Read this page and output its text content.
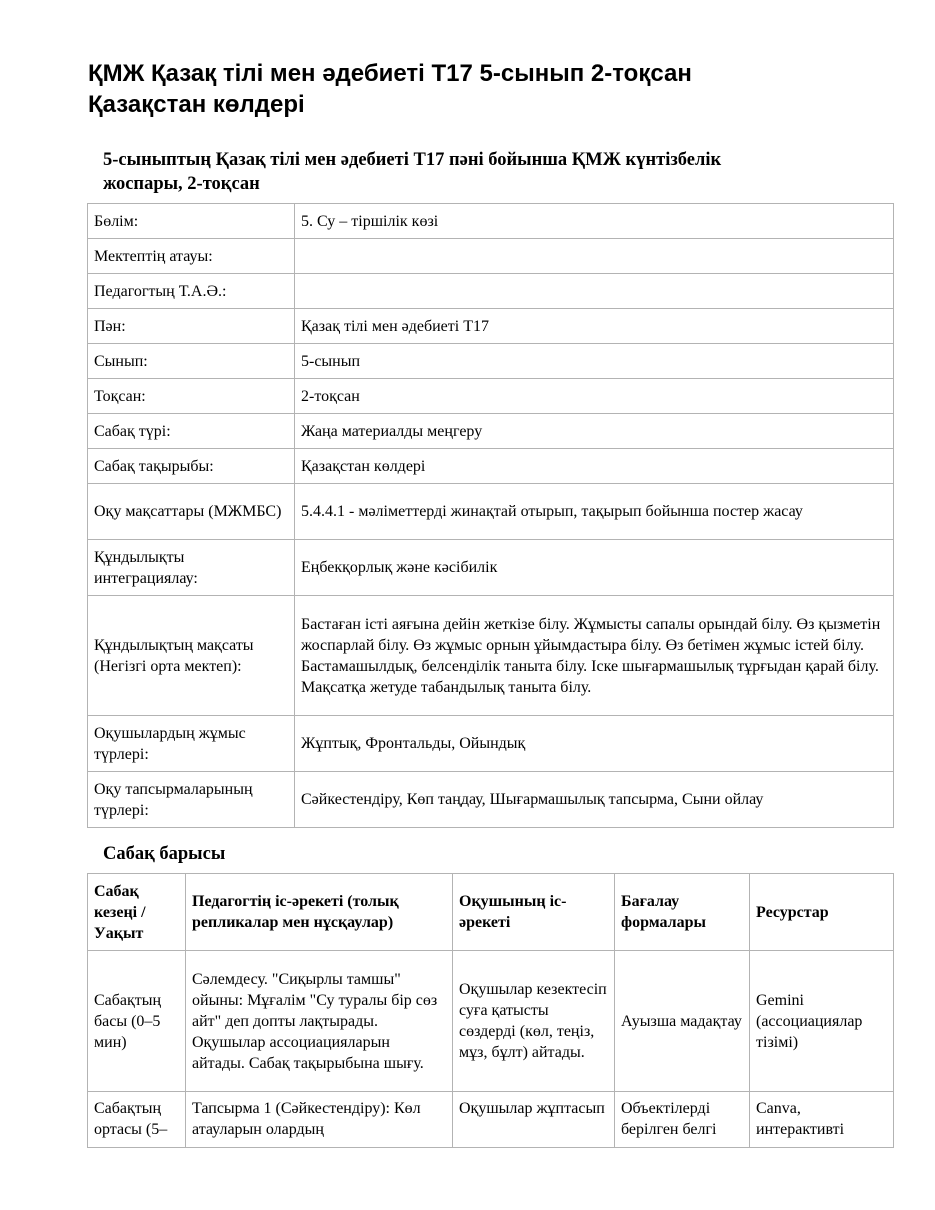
ҚМЖ Қазақ тілі мен әдебиеті Т17 5-сынып 2-тоқсан
Қазақстан көлдері
5-сыныптың Қазақ тілі мен әдебиеті Т17 пәні бойынша ҚМЖ күнтізбелік
жоспары, 2-тоқсан
Бөлім:	5. Су – тіршілік көзі
Мектептің атауы:	
Педагогтың Т.А.Ә.:	
Пән:	Қазақ тілі мен әдебиеті Т17
Сынып:	5-сынып
Тоқсан:	2-тоқсан
Сабақ түрі:	Жаңа материалды меңгеру
Сабақ тақырыбы:	Қазақстан көлдері
Оқу мақсаттары (МЖМБС)	5.4.4.1 - мәліметтерді жинақтай отырып, тақырып бойынша постер жасау
Құндылықты интеграциялау:	Еңбекқорлық және кәсібилік
Құндылықтың мақсаты (Негізгі орта мектеп):	Бастаған істі аяғына дейін жеткізе білу. Жұмысты сапалы орындай білу. Өз қызметін жоспарлай білу. Өз жұмыс орнын ұйымдастыра білу. Өз бетімен жұмыс істей білу. Бастамашылдық, белсенділік таныта білу. Іске шығармашылық тұрғыдан қарай білу. Мақсатқа жетуде табандылық таныта білу.
Оқушылардың жұмыс түрлері:	Жұптық, Фронтальды, Ойындық
Оқу тапсырмаларының түрлері:	Сәйкестендіру, Көп таңдау, Шығармашылық тапсырма, Сыни ойлау
Сабақ барысы
Сабақ кезеңі / Уақыт	Педагогтің іс-әрекеті (толық репликалар мен нұсқаулар)	Оқушының іс-әрекеті	Бағалау формалары	Ресурстар
Сабақтың басы (0–5 мин)	Сәлемдесу. "Сиқырлы тамшы" ойыны: Мұғалім "Су туралы бір сөз айт" деп допты лақтырады. Оқушылар ассоциацияларын айтады. Сабақ тақырыбына шығу.	Оқушылар кезектесіп суға қатысты сөздерді (көл, теңіз, мұз, бұлт) айтады.	Ауызша мадақтау	Gemini (ассоциациялар тізімі)
Сабақтың ортасы (5–	Тапсырма 1 (Сәйкестендіру): Көл атауларын олардың	Оқушылар жұптасып	Объектілерді берілген белгі	Canva, интерактивті
